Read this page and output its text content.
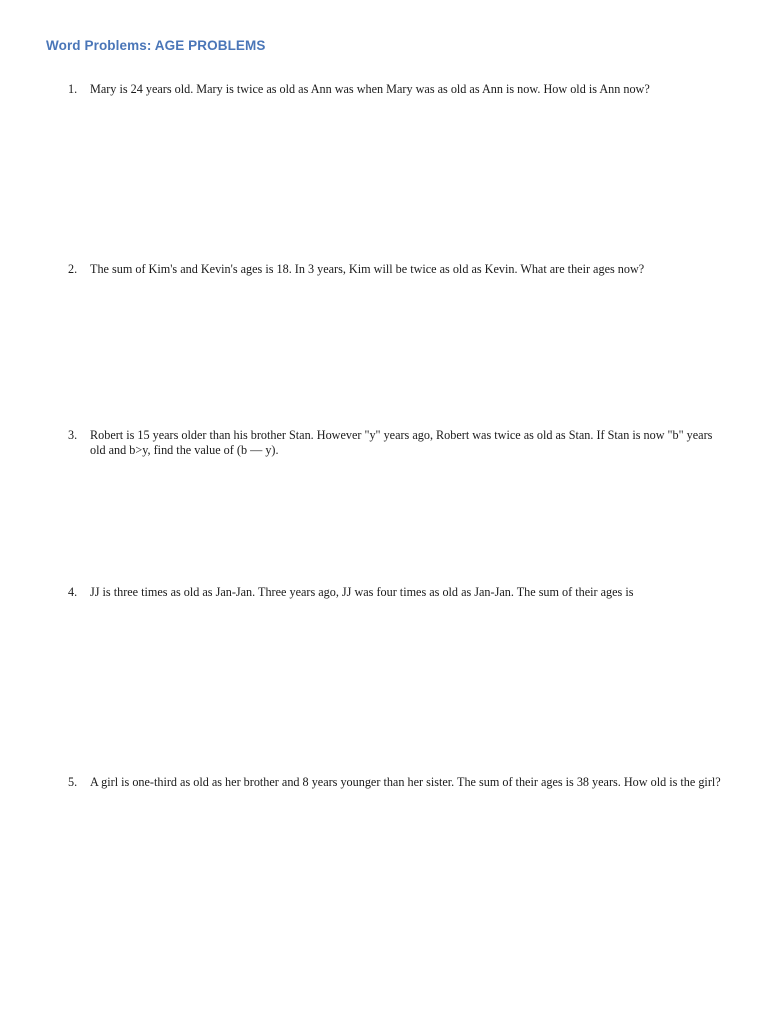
Word Problems: AGE PROBLEMS
1. Mary is 24 years old. Mary is twice as old as Ann was when Mary was as old as Ann is now. How old is Ann now?
2. The sum of Kim's and Kevin's ages is 18. In 3 years, Kim will be twice as old as Kevin. What are their ages now?
3. Robert is 15 years older than his brother Stan. However "y" years ago, Robert was twice as old as Stan. If Stan is now "b" years old and b>y, find the value of (b — y).
4. JJ is three times as old as Jan-Jan. Three years ago, JJ was four times as old as Jan-Jan. The sum of their ages is
5. A girl is one-third as old as her brother and 8 years younger than her sister. The sum of their ages is 38 years. How old is the girl?
